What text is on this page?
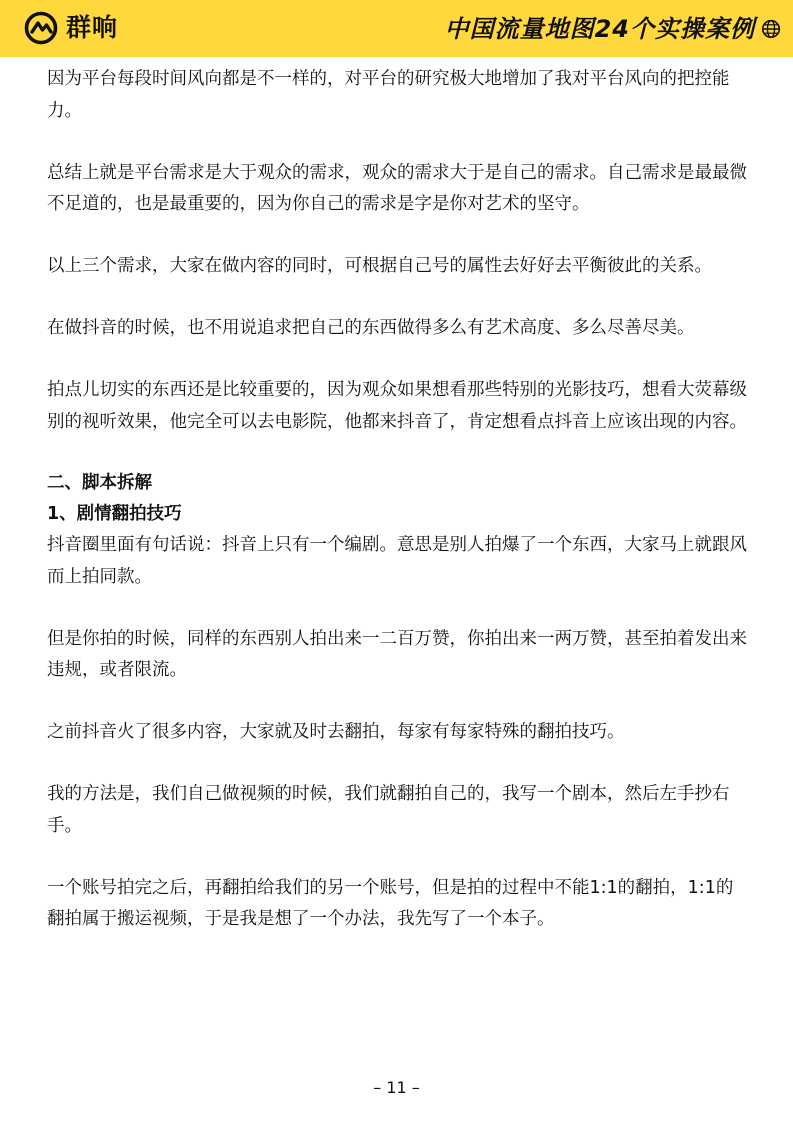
群响	中国流量地图24个实操案例

因为平台每段时间风向都是不一样的，对平台的研究极大地增加了我对平台风向的把控能力。

总结上就是平台需求是大于观众的需求，观众的需求大于是自己的需求。自己需求是最最微不足道的，也是最重要的，因为你自己的需求是字是你对艺术的坚守。

以上三个需求，大家在做内容的同时，可根据自己号的属性去好好去平衡彼此的关系。

在做抖音的时候，也不用说追求把自己的东西做得多么有艺术高度、多么尽善尽美。

拍点儿切实的东西还是比较重要的，因为观众如果想看那些特别的光影技巧，想看大荧幕级别的视听效果，他完全可以去电影院，他都来抖音了，肯定想看点抖音上应该出现的内容。

二、脚本拆解
1、剧情翻拍技巧

抖音圈里面有句话说：抖音上只有一个编剧。意思是别人拍爆了一个东西，大家马上就跟风而上拍同款。

但是你拍的时候，同样的东西别人拍出来一二百万赞，你拍出来一两万赞，甚至拍着发出来违规，或者限流。

之前抖音火了很多内容，大家就及时去翻拍，每家有每家特殊的翻拍技巧。

我的方法是，我们自己做视频的时候，我们就翻拍自己的，我写一个剧本，然后左手抄右手。

一个账号拍完之后，再翻拍给我们的另一个账号，但是拍的过程中不能1:1的翻拍，1:1的翻拍属于搬运视频，于是我是想了一个办法，我先写了一个本子。

– 11 –
